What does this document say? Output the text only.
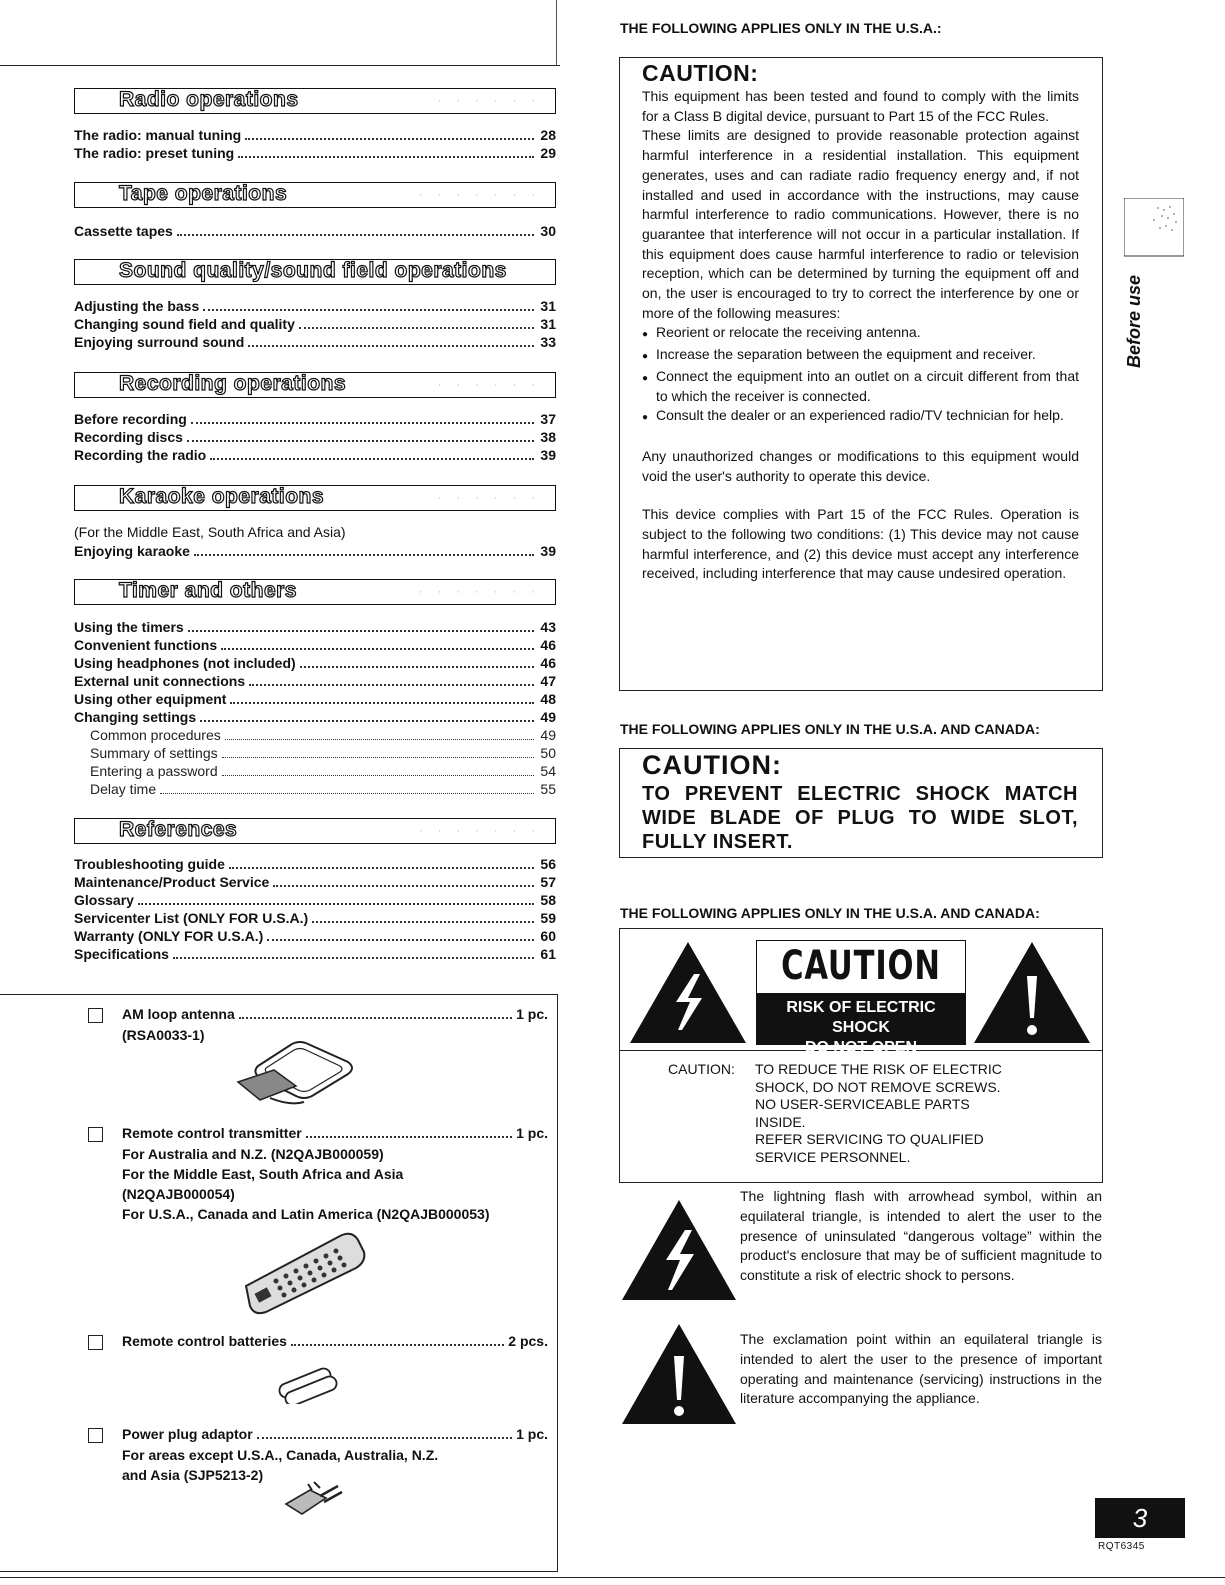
Radio operations	· · · · · ·
The radio: manual tuning	28
The radio: preset tuning	29
Tape operations	· · · · · · ·
Cassette tapes	30
Sound quality/sound field operations
Adjusting the bass	31
Changing sound field and quality	31
Enjoying surround sound	33
Recording operations	· · · · · ·
Before recording	37
Recording discs	38
Recording the radio	39
Karaoke operations	· · · · · ·
(For the Middle East, South Africa and Asia)
Enjoying karaoke	39
Timer and others	· · · · · · ·
Using the timers	43
Convenient functions	46
Using headphones (not included)	46
External unit connections	47
Using other equipment	48
Changing settings	49
Common procedures	49
Summary of settings	50
Entering a password	54
Delay time	55
References	· · · · · · ·
Troubleshooting guide	56
Maintenance/Product Service	57
Glossary	58
Servicenter List (ONLY FOR U.S.A.)	59
Warranty (ONLY FOR U.S.A.)	60
Specifications	61
AM loop antenna	1 pc.
(RSA0033-1)
Remote control transmitter	1 pc.
For Australia and N.Z. (N2QAJB000059)
For the Middle East, South Africa and Asia
(N2QAJB000054)
For U.S.A., Canada and Latin America (N2QAJB000053)
Remote control batteries	2 pcs.
Power plug adaptor	1 pc.
For areas except U.S.A., Canada, Australia, N.Z.
and Asia (SJP5213-2)
THE FOLLOWING APPLIES ONLY IN THE U.S.A.:
CAUTION:

This equipment has been tested and found to comply with the limits for a Class B digital device, pursuant to Part 15 of the FCC Rules.

These limits are designed to provide reasonable protection against harmful interference in a residential installation. This equipment generates, uses and can radiate radio frequency energy and, if not installed and used in accordance with the instructions, may cause harmful interference to radio communications. However, there is no guarantee that interference will not occur in a particular installation. If this equipment does cause harmful interference to radio or television reception, which can be determined by turning the equipment off and on, the user is encouraged to try to correct the interference by one or more of the following measures:

● Reorient or relocate the receiving antenna.
● Increase the separation between the equipment and receiver.
● Connect the equipment into an outlet on a circuit different from that to which the receiver is connected.
● Consult the dealer or an experienced radio/TV technician for help.

Any unauthorized changes or modifications to this equipment would void the user's authority to operate this device.

This device complies with Part 15 of the FCC Rules. Operation is subject to the following two conditions: (1) This device may not cause harmful interference, and (2) this device must accept any interference received, including interference that may cause undesired operation.

THE FOLLOWING APPLIES ONLY IN THE U.S.A. AND CANADA:
CAUTION:
TO PREVENT ELECTRIC SHOCK MATCH WIDE BLADE OF PLUG TO WIDE SLOT, FULLY INSERT.
THE FOLLOWING APPLIES ONLY IN THE U.S.A. AND CANADA:
CAUTION
RISK OF ELECTRIC SHOCK
DO NOT OPEN
CAUTION: TO REDUCE THE RISK OF ELECTRIC
SHOCK, DO NOT REMOVE SCREWS.
NO USER-SERVICEABLE PARTS
INSIDE.
REFER SERVICING TO QUALIFIED
SERVICE PERSONNEL.
The lightning flash with arrowhead symbol, within an equilateral triangle, is intended to alert the user to the presence of uninsulated “dangerous voltage” within the product's enclosure that may be of sufficient magnitude to constitute a risk of electric shock to persons.
The exclamation point within an equilateral triangle is intended to alert the user to the presence of important operating and maintenance (servicing) instructions in the literature accompanying the appliance.
Before use
3
RQT6345
